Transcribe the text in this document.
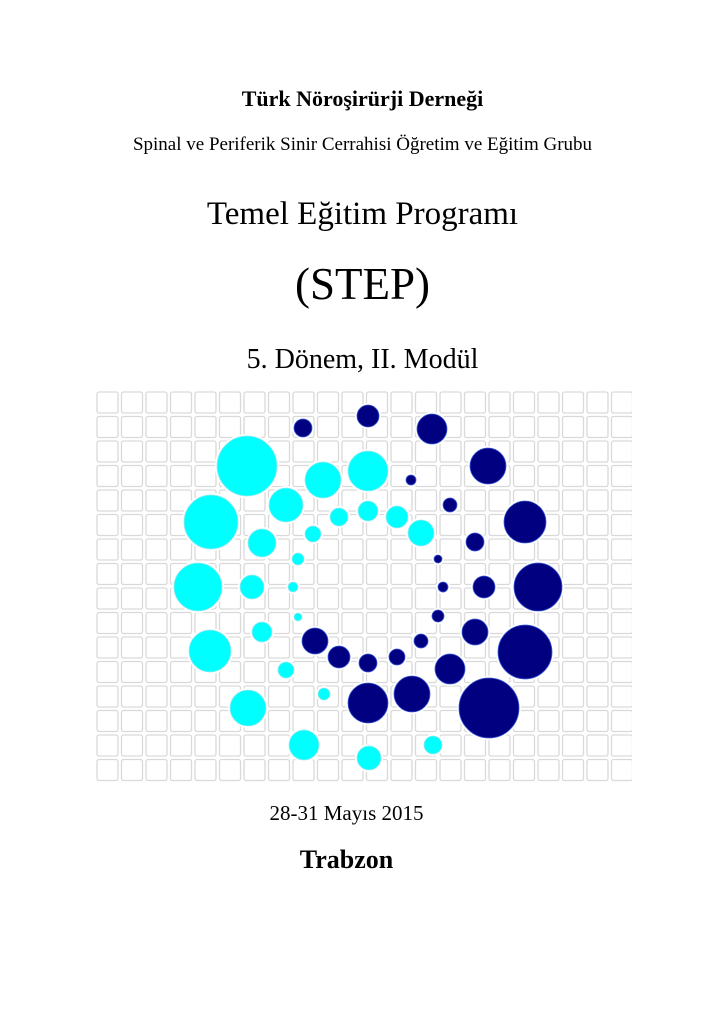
Türk Nöroşirürji Derneği
Spinal ve Periferik Sinir Cerrahisi Öğretim ve Eğitim Grubu
Temel Eğitim Programı
(STEP)
5. Dönem, II. Modül
28-31 Mayıs 2015
Trabzon
